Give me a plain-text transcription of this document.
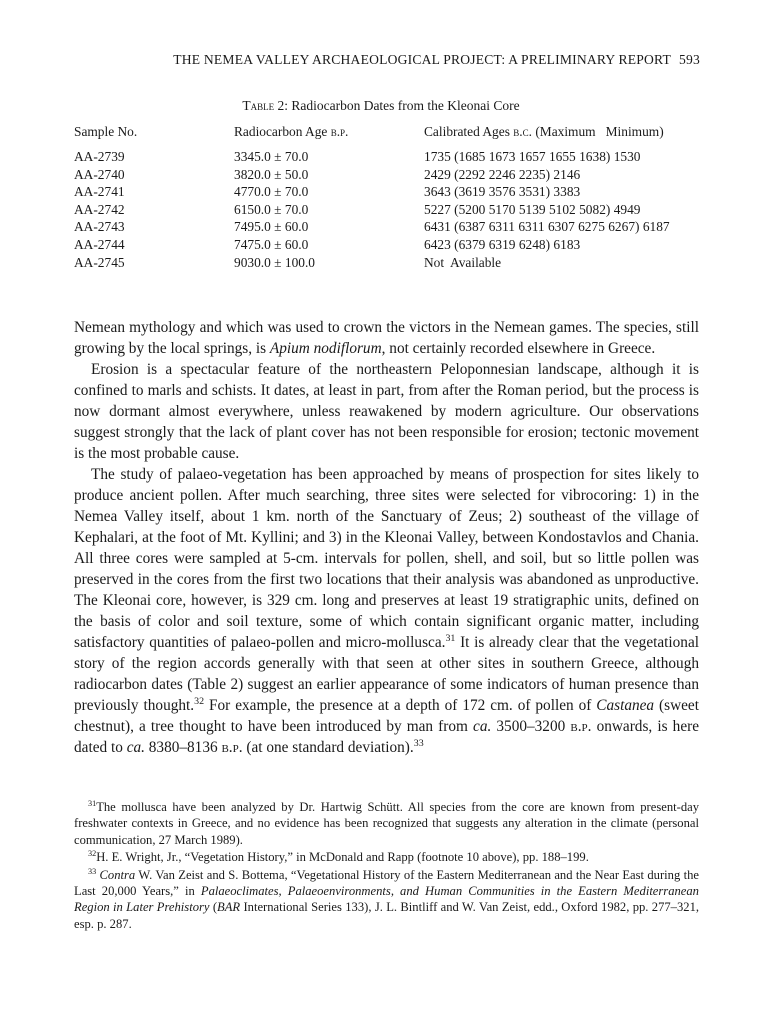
THE NEMEA VALLEY ARCHAEOLOGICAL PROJECT: A PRELIMINARY REPORT 593
Table 2: Radiocarbon Dates from the Kleonai Core
Sample No.	Radiocarbon Age b.p.	Calibrated Ages b.c. (Maximum   Minimum)
AA-2739	3345.0 ± 70.0	1735 (1685 1673 1657 1655 1638) 1530
AA-2740	3820.0 ± 50.0	2429 (2292 2246 2235) 2146
AA-2741	4770.0 ± 70.0	3643 (3619 3576 3531) 3383
AA-2742	6150.0 ± 70.0	5227 (5200 5170 5139 5102 5082) 4949
AA-2743	7495.0 ± 60.0	6431 (6387 6311 6311 6307 6275 6267) 6187
AA-2744	7475.0 ± 60.0	6423 (6379 6319 6248) 6183
AA-2745	9030.0 ± 100.0	Not  Available

Nemean mythology and which was used to crown the victors in the Nemean games. The species, still growing by the local springs, is Apium nodiflorum, not certainly recorded elsewhere in Greece.

Erosion is a spectacular feature of the northeastern Peloponnesian landscape, although it is confined to marls and schists. It dates, at least in part, from after the Roman period, but the process is now dormant almost everywhere, unless reawakened by modern agriculture. Our observations suggest strongly that the lack of plant cover has not been responsible for erosion; tectonic movement is the most probable cause.

The study of palaeo-vegetation has been approached by means of prospection for sites likely to produce ancient pollen. After much searching, three sites were selected for vibrocoring: 1) in the Nemea Valley itself, about 1 km. north of the Sanctuary of Zeus; 2) southeast of the village of Kephalari, at the foot of Mt. Kyllini; and 3) in the Kleonai Valley, between Kondostavlos and Chania. All three cores were sampled at 5-cm. intervals for pollen, shell, and soil, but so little pollen was preserved in the cores from the first two locations that their analysis was abandoned as unproductive. The Kleonai core, however, is 329 cm. long and preserves at least 19 stratigraphic units, defined on the basis of color and soil texture, some of which contain significant organic matter, including satisfactory quantities of palaeo-pollen and micro-mollusca.$^{31}$ It is already clear that the vegetational story of the region accords generally with that seen at other sites in southern Greece, although radiocarbon dates (Table 2) suggest an earlier appearance of some indicators of human presence than previously thought.$^{32}$ For example, the presence at a depth of 172 cm. of pollen of Castanea (sweet chestnut), a tree thought to have been introduced by man from ca. 3500–3200 b.p. onwards, is here dated to ca. 8380–8136 b.p. (at one standard deviation).$^{33}$

$^{31}$The mollusca have been analyzed by Dr. Hartwig Schütt. All species from the core are known from present-day freshwater contexts in Greece, and no evidence has been recognized that suggests any alteration in the climate (personal communication, 27 March 1989).

$^{32}$H. E. Wright, Jr., “Vegetation History,” in McDonald and Rapp (footnote 10 above), pp. 188–199.

$^{33}$ Contra W. Van Zeist and S. Bottema, “Vegetational History of the Eastern Mediterranean and the Near East during the Last 20,000 Years,” in Palaeoclimates, Palaeoenvironments, and Human Communities in the Eastern Mediterranean Region in Later Prehistory (BAR International Series 133), J. L. Bintliff and W. Van Zeist, edd., Oxford 1982, pp. 277–321, esp. p. 287.
